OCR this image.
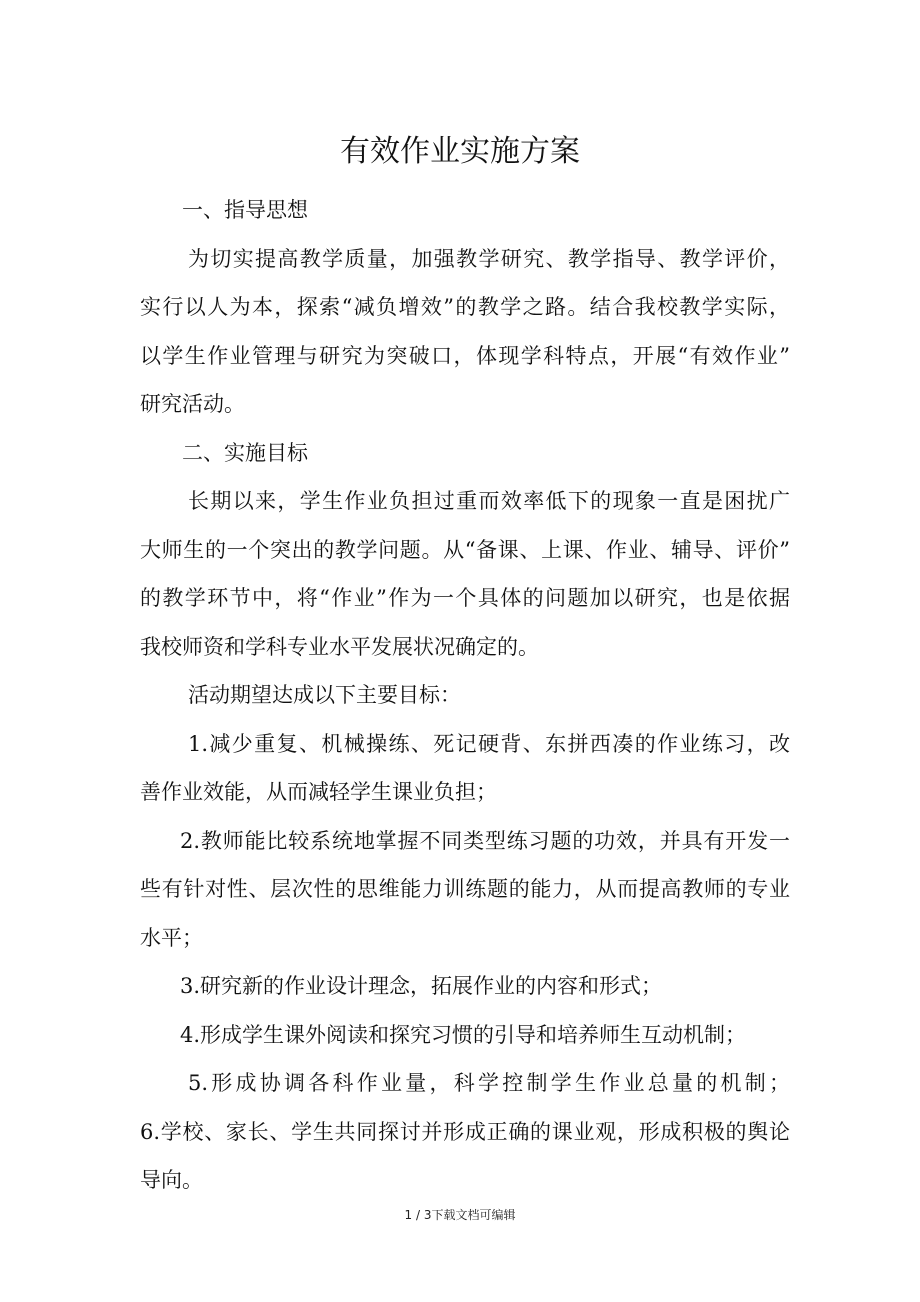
有效作业实施方案
一、指导思想
为切实提高教学质量，加强教学研究、教学指导、教学评价，
实行以人为本，探索“减负增效”的教学之路。结合我校教学实际，
以学生作业管理与研究为突破口，体现学科特点，开展“有效作业”
研究活动。
二、实施目标
长期以来，学生作业负担过重而效率低下的现象一直是困扰广
大师生的一个突出的教学问题。从“备课、上课、作业、辅导、评价”
的教学环节中，将“作业”作为一个具体的问题加以研究，也是依据
我校师资和学科专业水平发展状况确定的。
活动期望达成以下主要目标：
1.减少重复、机械操练、死记硬背、东拼西凑的作业练习，改
善作业效能，从而减轻学生课业负担；
2.教师能比较系统地掌握不同类型练习题的功效，并具有开发一
些有针对性、层次性的思维能力训练题的能力，从而提高教师的专业
水平；
3.研究新的作业设计理念，拓展作业的内容和形式；
4.形成学生课外阅读和探究习惯的引导和培养师生互动机制；
5.形成协调各科作业量，科学控制学生作业总量的机制；
6.学校、家长、学生共同探讨并形成正确的课业观，形成积极的舆论
导向。
1 / 3下载文档可编辑
